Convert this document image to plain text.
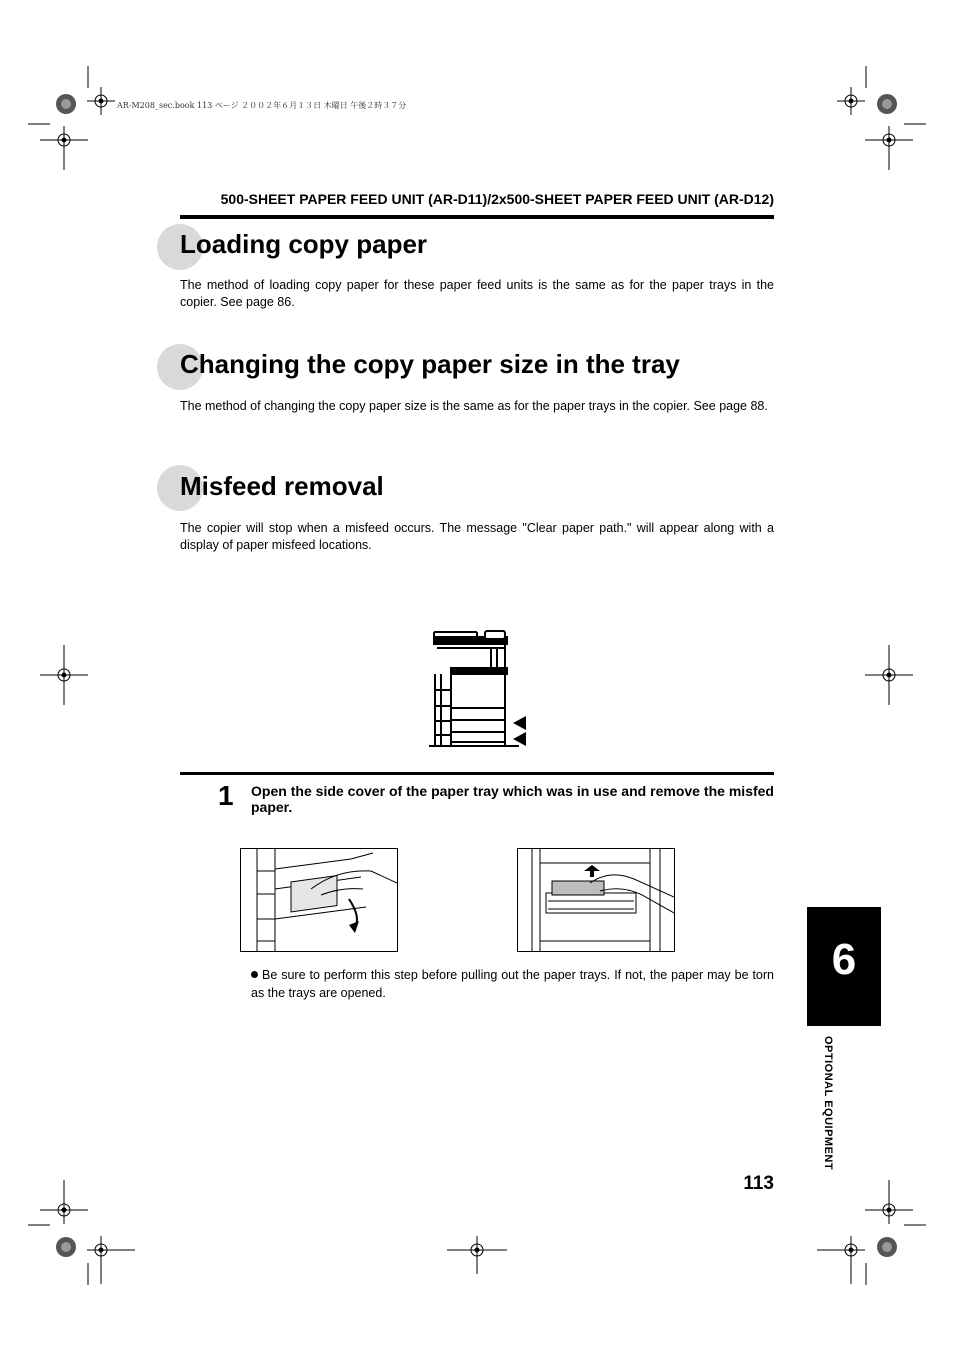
AR-M208_sec.book 113 ページ ２００２年６月１３日 木曜日 午後２時３７分
500-SHEET PAPER FEED UNIT (AR-D11)/2x500-SHEET PAPER FEED UNIT (AR-D12)
Loading copy paper
The method of loading copy paper for these paper feed units is the same as for the paper trays in the copier. See page 86.
Changing the copy paper size in the tray
The method of changing the copy paper size is the same as for the paper trays in the copier. See page 88.
Misfeed removal
The copier will stop when a misfeed occurs. The message "Clear paper path." will appear along with a display of paper misfeed locations.
1 Open the side cover of the paper tray which was in use and remove the misfed paper.
Be sure to perform this step before pulling out the paper trays. If not, the paper may be torn as the trays are opened.
6
OPTIONAL EQUIPMENT
113
